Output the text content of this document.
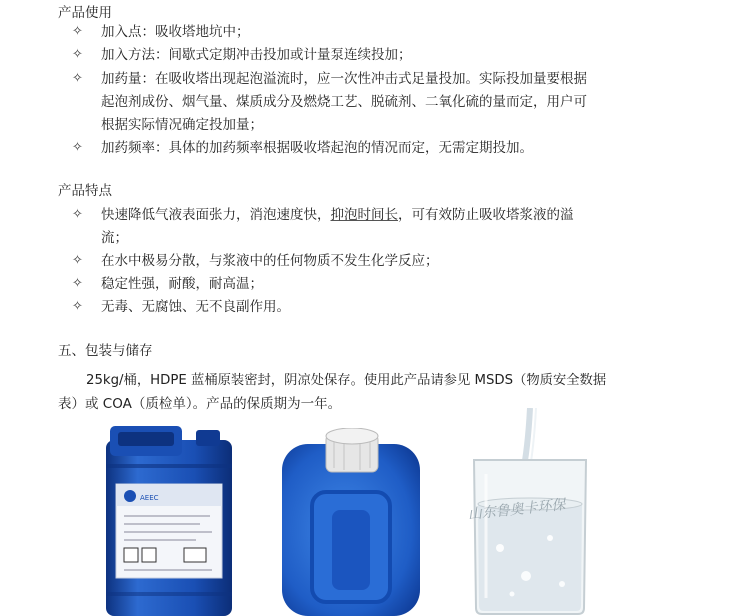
产品使用
✧ 加入点：吸收塔地坑中；
✧ 加入方法：间歇式定期冲击投加或计量泵连续投加；
✧ 加药量：在吸收塔出现起泡溢流时，应一次性冲击式足量投加。实际投加量要根据
起泡剂成份、烟气量、煤质成分及燃烧工艺、脱硫剂、二氧化硫的量而定，用户可
根据实际情况确定投加量；
✧ 加药频率：具体的加药频率根据吸收塔起泡的情况而定，无需定期投加。
产品特点
✧ 快速降低气液表面张力，消泡速度快，抑泡时间长，可有效防止吸收塔浆液的溢
流；
✧ 在水中极易分散，与浆液中的任何物质不发生化学反应；
✧ 稳定性强，耐酸，耐高温；
✧ 无毒、无腐蚀、无不良副作用。
五、包装与储存
25kg/桶，HDPE 蓝桶原装密封，阴凉处保存。使用此产品请参见 MSDS（物质安全数据
表）或 COA（质检单）。产品的保质期为一年。
AEEC	山东鲁奥卡环保
